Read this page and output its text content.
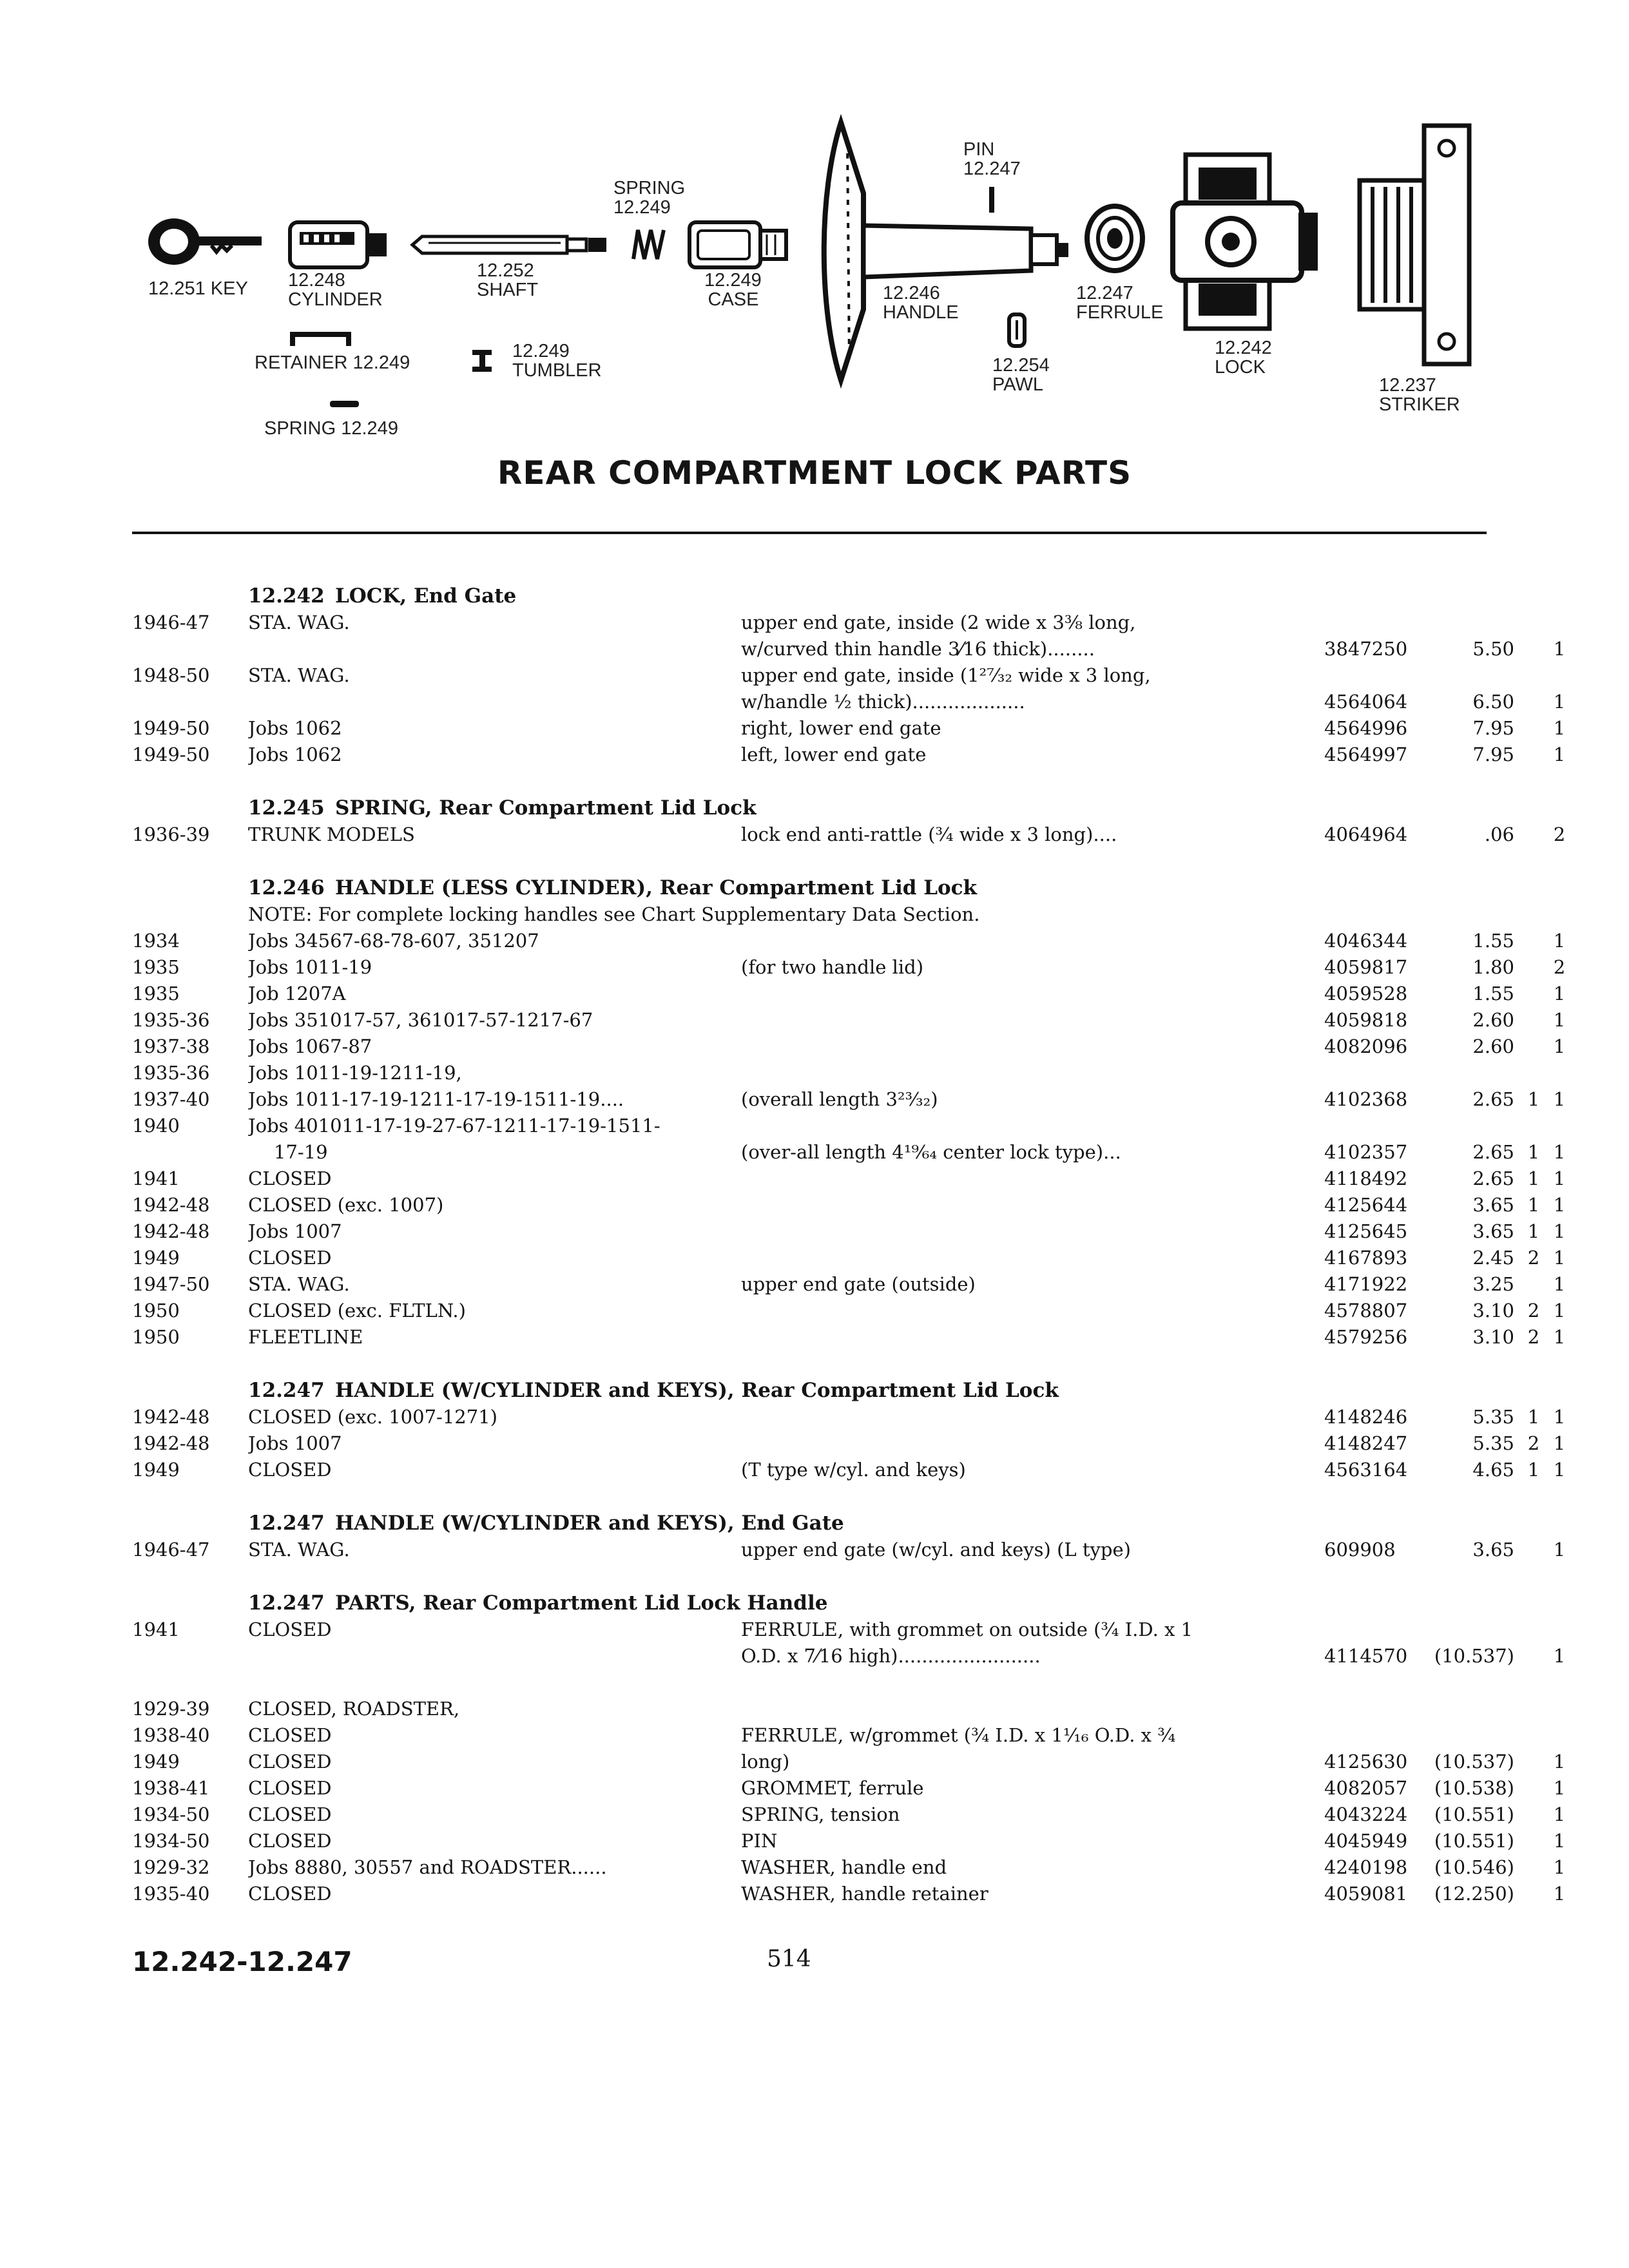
12.251 KEY 12.248
CYLINDER
RETAINER 12.249
SPRING 12.249
12.252
SHAFT
12.249
TUMBLER
SPRING
12.249
12.249
CASE	12.246
HANDLE
PIN
12.247
12.254
PAWL
12.247
FERRULE
12.242
LOCK
12.237
STRIKER
REAR COMPARTMENT LOCK PARTS
12.242 LOCK, End Gate
1946-47 STA. WAG.	upper end gate, inside (2 wide x 3⅜ long,
w/curved thin handle 3⁄16 thick)........	3847250	5.50 1
1948-50 STA. WAG.	upper end gate, inside (1²⁷⁄₃₂ wide x 3 long,
w/handle ½ thick)...................	4564064	6.50 1
1949-50 Jobs 1062	right, lower end gate	4564996	7.95 1
1949-50 Jobs 1062	left, lower end gate	4564997	7.95 1
12.245 SPRING, Rear Compartment Lid Lock
1936-39 TRUNK MODELS	lock end anti-rattle (¾ wide x 3 long)....	4064964	.06 2
12.246 HANDLE (LESS CYLINDER), Rear Compartment Lid Lock
NOTE: For complete locking handles see Chart Supplementary Data Section.
1934	Jobs 34567-68-78-607, 351207	4046344	1.55 1
1935	Jobs 1011-19	(for two handle lid)	4059817	1.80 2
1935	Job 1207A	4059528	1.55 1
1935-36 Jobs 351017-57, 361017-57-1217-67	4059818	2.60 1
1937-38 Jobs 1067-87	4082096	2.60 1
1935-36 Jobs 1011-19-1211-19,
1937-40 Jobs 1011-17-19-1211-17-19-1511-19....	(overall length 3²³⁄₃₂)	4102368	2.65 1 1
1940	Jobs 401011-17-19-27-67-1211-17-19-1511-
17-19	(over-all length 4¹⁹⁄₆₄ center lock type)...	4102357	2.65 1 1
1941	CLOSED	4118492	2.65 1 1
1942-48 CLOSED (exc. 1007)	4125644	3.65 1 1
1942-48 Jobs 1007	4125645	3.65 1 1
1949	CLOSED	4167893	2.45 2 1
1947-50 STA. WAG.	upper end gate (outside)	4171922	3.25 1
1950	CLOSED (exc. FLTLN.)	4578807	3.10 2 1
1950	FLEETLINE	4579256	3.10 2 1
12.247 HANDLE (W/CYLINDER and KEYS), Rear Compartment Lid Lock
1942-48 CLOSED (exc. 1007-1271)	4148246	5.35 1 1
1942-48 Jobs 1007	4148247	5.35 2 1
1949	CLOSED	(T type w/cyl. and keys)	4563164	4.65 1 1
12.247 HANDLE (W/CYLINDER and KEYS), End Gate
1946-47 STA. WAG.	upper end gate (w/cyl. and keys) (L type)	609908	3.65 1
12.247 PARTS, Rear Compartment Lid Lock Handle
1941	CLOSED	FERRULE, with grommet on outside (¾ I.D. x 1
O.D. x 7⁄16 high)........................	4114570	(10.537) 1
1929-39 CLOSED, ROADSTER,
1938-40 CLOSED	FERRULE, w/grommet (¾ I.D. x 1¹⁄₁₆ O.D. x ¾
1949	CLOSED	long)	4125630	(10.537) 1
1938-41 CLOSED	GROMMET, ferrule	4082057	(10.538) 1
1934-50 CLOSED	SPRING, tension	4043224	(10.551) 1
1934-50 CLOSED	PIN	4045949	(10.551) 1
1929-32 Jobs 8880, 30557 and ROADSTER......	WASHER, handle end	4240198	(10.546) 1
1935-40 CLOSED	WASHER, handle retainer	4059081	(12.250) 1
12.242-12.247	514
